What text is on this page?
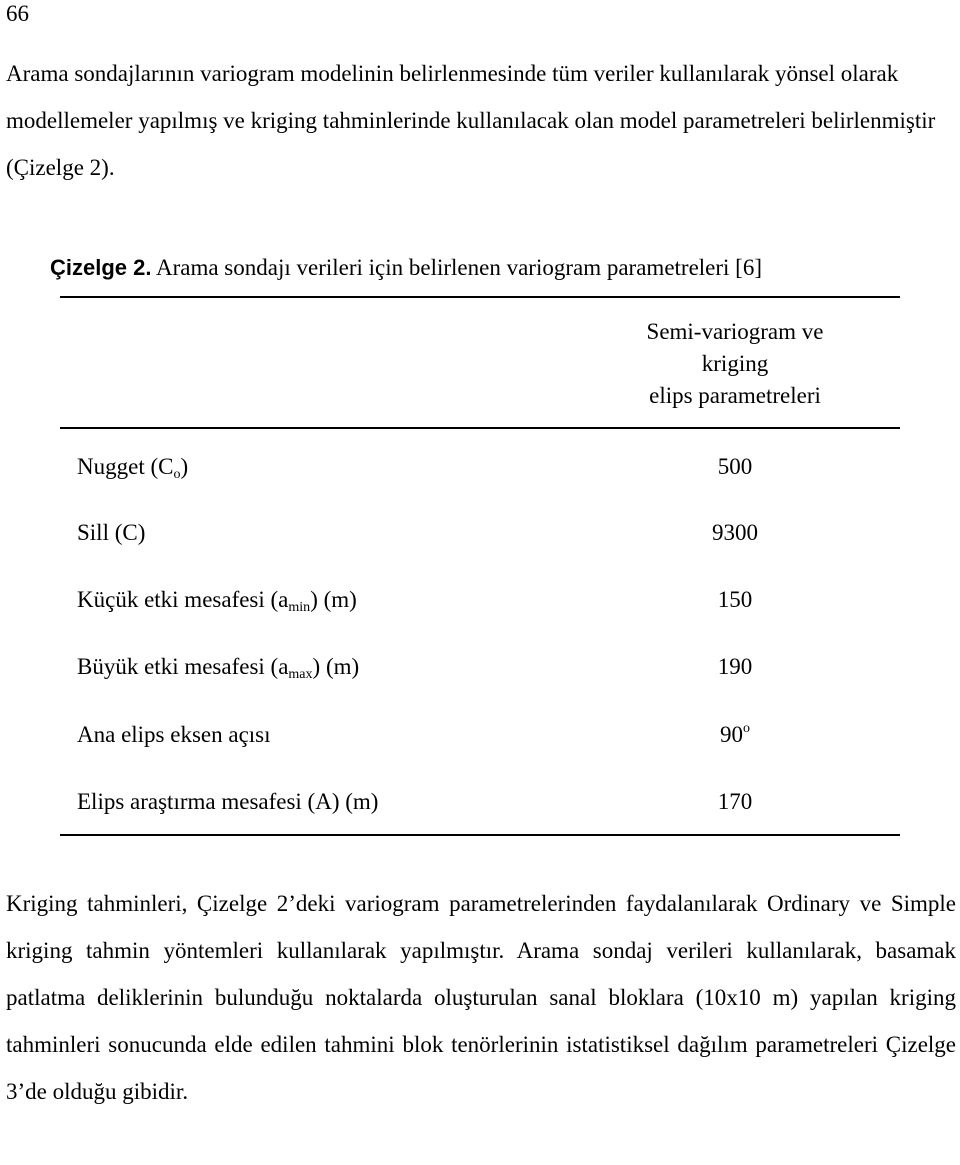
66

Arama sondajlarının variogram modelinin belirlenmesinde tüm veriler kullanılarak yönsel olarak modellemeler yapılmış ve kriging tahminlerinde kullanılacak olan model parametreleri belirlenmiştir (Çizelge 2).

Çizelge 2. Arama sondajı verileri için belirlenen variogram parametreleri [6]
Semi-variogram ve
kriging
elips parametreleri
Nugget $(C_o)$	500
Sill (C)	9300
Küçük etki mesafesi $(a_{min})$ (m)	150
Büyük etki mesafesi $(a_{max})$ (m)	190
Ana elips eksen açısı	90$^o$
Elips araştırma mesafesi (A) (m)	170

Kriging tahminleri, Çizelge 2’deki variogram parametrelerinden faydalanılarak Ordinary ve Simple kriging tahmin yöntemleri kullanılarak yapılmıştır. Arama sondaj verileri kullanılarak, basamak patlatma deliklerinin bulunduğu noktalarda oluşturulan sanal bloklara (10x10 m) yapılan kriging tahminleri sonucunda elde edilen tahmini blok tenörlerinin istatistiksel dağılım parametreleri Çizelge 3’de olduğu gibidir.
